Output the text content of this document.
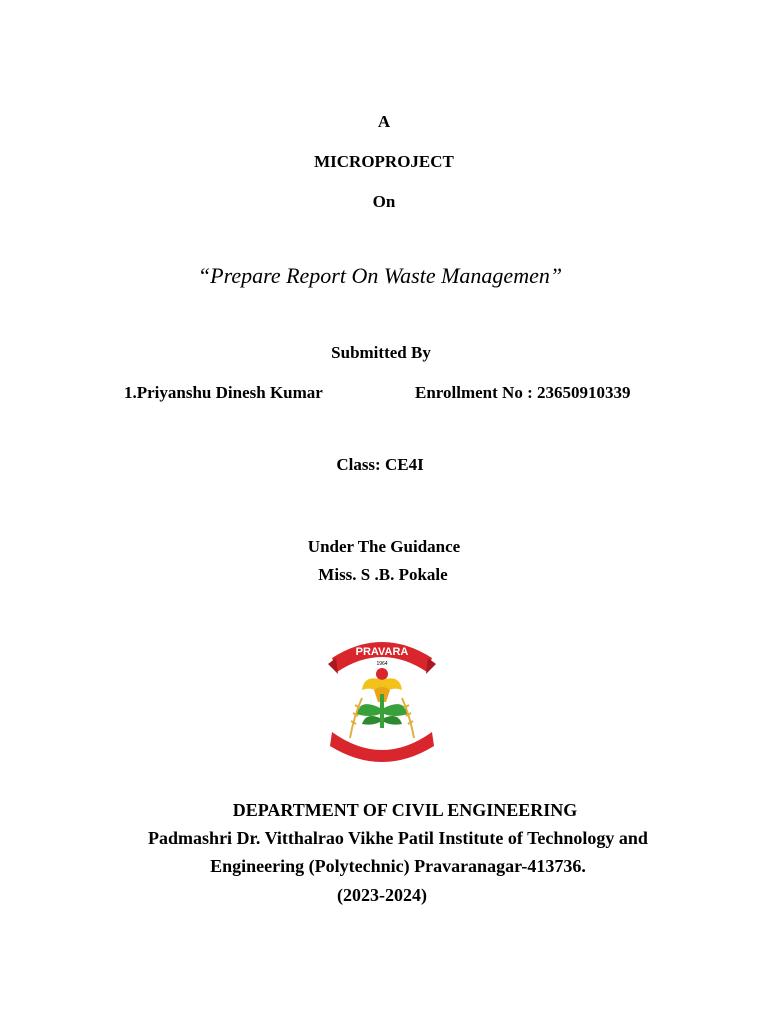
A
MICROPROJECT
On
“Prepare Report On Waste Managemen”
Submitted By
1.Priyanshu Dinesh Kumar	Enrollment No : 23650910339
Class: CE4I
Under The Guidance
Miss. S .B. Pokale
PRAVARA
1964
DEPARTMENT OF CIVIL ENGINEERING
Padmashri Dr. Vitthalrao Vikhe Patil Institute of Technology and
Engineering (Polytechnic) Pravaranagar-413736.
(2023-2024)
